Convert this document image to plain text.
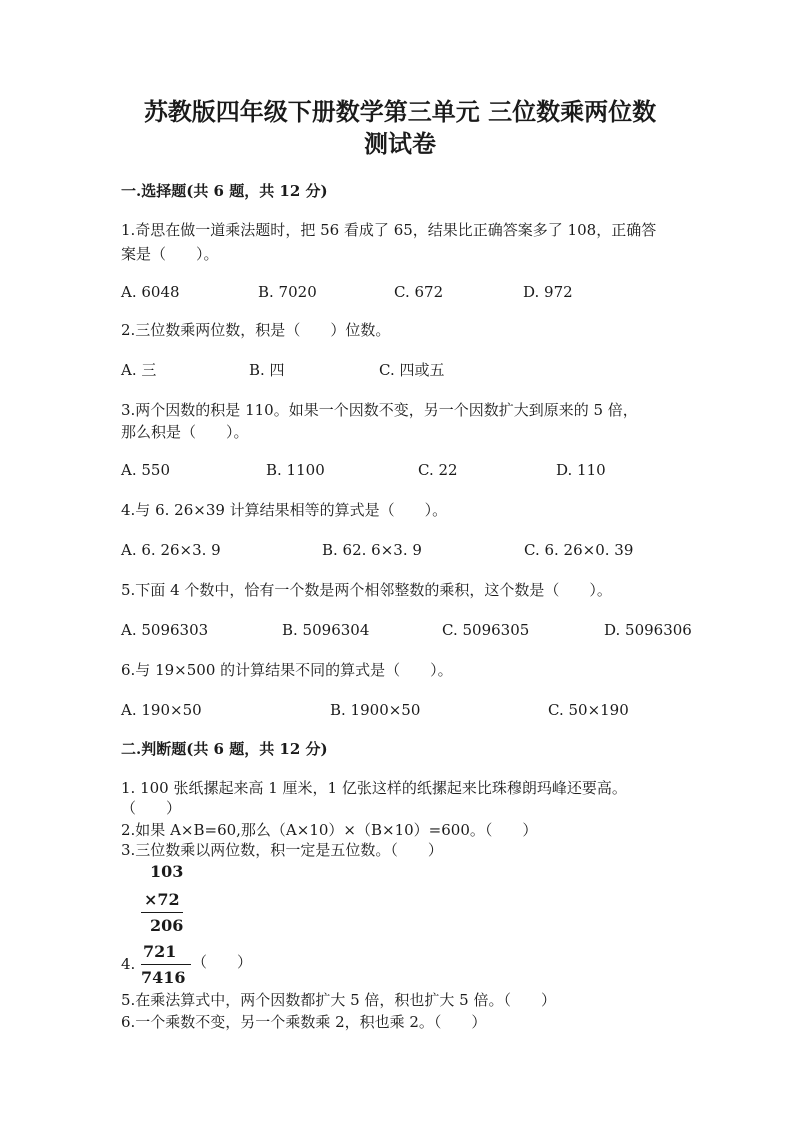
苏教版四年级下册数学第三单元 三位数乘两位数
测试卷

一.选择题(共 6 题，共 12 分)

1.奇思在做一道乘法题时，把 56 看成了 65，结果比正确答案多了 108，正确答

案是（　　）。

A. 6048	B. 7020	C. 672	D. 972

2.三位数乘两位数，积是（　　）位数。

A. 三	B. 四	C. 四或五

3.两个因数的积是 110。如果一个因数不变，另一个因数扩大到原来的 5 倍，

那么积是（　　）。

A. 550	B. 1100	C. 22	D. 110

4.与 6. 26×39 计算结果相等的算式是（　　）。

A. 6. 26×3. 9	B. 62. 6×3. 9	C. 6. 26×0. 39

5.下面 4 个数中，恰有一个数是两个相邻整数的乘积，这个数是（　　）。

A. 5096303	B. 5096304	C. 5096305	D. 5096306

6.与 19×500 的计算结果不同的算式是（　　）。

A. 190×50	B. 1900×50	C. 50×190

二.判断题(共 6 题，共 12 分)

1. 100 张纸摞起来高 1 厘米，1 亿张这样的纸摞起来比珠穆朗玛峰还要高。

（　　）

2.如果 A×B=60,那么（A×10）×（B×10）=600。（　　）

3.三位数乘以两位数，积一定是五位数。（　　）

103
×72
206
721
7416
4.	（　　）

5.在乘法算式中，两个因数都扩大 5 倍，积也扩大 5 倍。（　　）

6.一个乘数不变，另一个乘数乘 2，积也乘 2。（　　）
